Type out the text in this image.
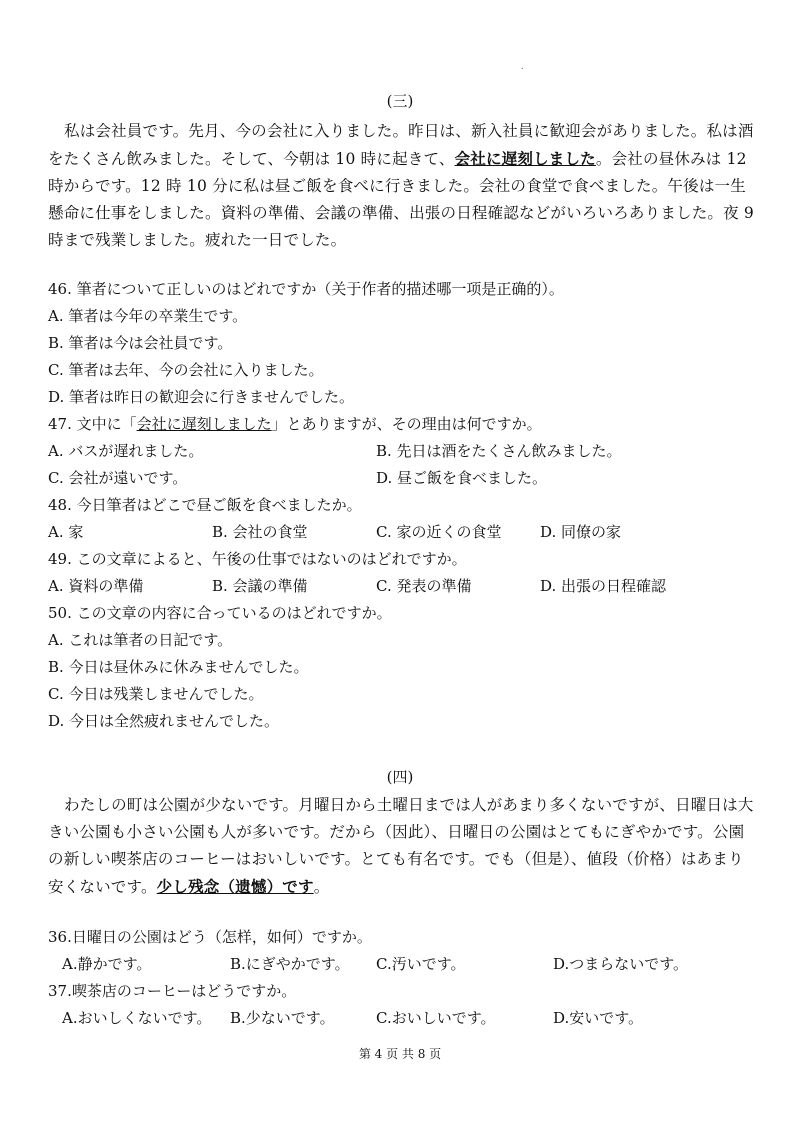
.
(三)
私は会社員です。先月、今の会社に入りました。昨日は、新入社員に歓迎会がありました。私は酒をたくさん飲みました。そして、今朝は 10 時に起きて、会社に遅刻しました。会社の昼休みは 12 時からです。12 時 10 分に私は昼ご飯を食べに行きました。会社の食堂で食べました。午後は一生懸命に仕事をしました。資料の準備、会議の準備、出張の日程確認などがいろいろありました。夜 9 時まで残業しました。疲れた一日でした。
46. 筆者について正しいのはどれですか（关于作者的描述哪一项是正确的）。
A. 筆者は今年の卒業生です。
B. 筆者は今は会社員です。
C. 筆者は去年、今の会社に入りました。
D. 筆者は昨日の歓迎会に行きませんでした。
47. 文中に「会社に遅刻しました」とありますが、その理由は何ですか。
A. バスが遅れました。	B. 先日は酒をたくさん飲みました。
C. 会社が遠いです。	D. 昼ご飯を食べました。
48. 今日筆者はどこで昼ご飯を食べましたか。
A. 家	B. 会社の食堂	C. 家の近くの食堂	D. 同僚の家
49. この文章によると、午後の仕事ではないのはどれですか。
A. 資料の準備	B. 会議の準備	C. 発表の準備	D. 出張の日程確認
50. この文章の内容に合っているのはどれですか。
A. これは筆者の日記です。
B. 今日は昼休みに休みませんでした。
C. 今日は残業しませんでした。
D. 今日は全然疲れませんでした。
(四)
わたしの町は公園が少ないです。月曜日から土曜日までは人があまり多くないですが、日曜日は大きい公園も小さい公園も人が多いです。だから（因此）、日曜日の公園はとてもにぎやかです。公園の新しい喫茶店のコーヒーはおいしいです。とても有名です。でも（但是）、値段（价格）はあまり安くないです。少し残念（遗憾）です。
36.日曜日の公園はどう（怎样，如何）ですか。
A.静かです。	B.にぎやかです。 C.汚いです。	D.つまらないです。
37.喫茶店のコーヒーはどうですか。
A.おいしくないです。 B.少ないです。	C.おいしいです。	D.安いです。
第 4 页 共 8 页
